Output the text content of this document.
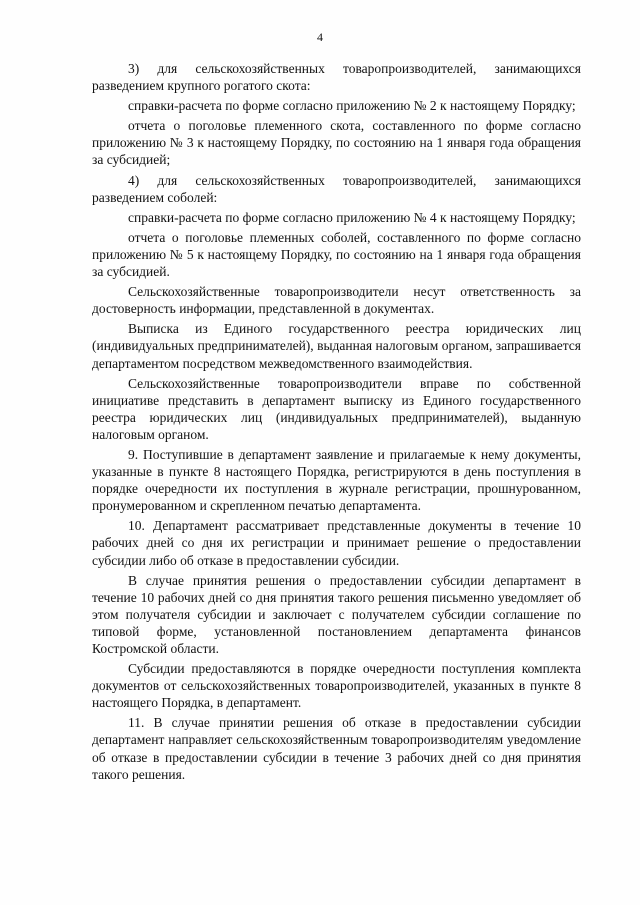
4

3) для сельскохозяйственных товаропроизводителей, занимающихся разведением крупного рогатого скота:

справки-расчета по форме согласно приложению № 2 к настоящему Порядку;

отчета о поголовье племенного скота, составленного по форме согласно приложению № 3 к настоящему Порядку, по состоянию на 1 января года обращения за субсидией;

4) для сельскохозяйственных товаропроизводителей, занимающихся разведением соболей:

справки-расчета по форме согласно приложению № 4 к настоящему Порядку;

отчета о поголовье племенных соболей, составленного по форме согласно приложению № 5 к настоящему Порядку, по состоянию на 1 января года обращения за субсидией.

Сельскохозяйственные товаропроизводители несут ответственность за достоверность информации, представленной в документах.

Выписка из Единого государственного реестра юридических лиц (индивидуальных предпринимателей), выданная налоговым органом, запрашивается департаментом посредством межведомственного взаимодействия.

Сельскохозяйственные товаропроизводители вправе по собственной инициативе представить в департамент выписку из Единого государственного реестра юридических лиц (индивидуальных предпринимателей), выданную налоговым органом.

9. Поступившие в департамент заявление и прилагаемые к нему документы, указанные в пункте 8 настоящего Порядка, регистрируются в день поступления в порядке очередности их поступления в журнале регистрации, прошнурованном, пронумерованном и скрепленном печатью департамента.

10. Департамент рассматривает представленные документы в течение 10 рабочих дней со дня их регистрации и принимает решение о предоставлении субсидии либо об отказе в предоставлении субсидии.

В случае принятия решения о предоставлении субсидии департамент в течение 10 рабочих дней со дня принятия такого решения письменно уведомляет об этом получателя субсидии и заключает с получателем субсидии соглашение по типовой форме, установленной постановлением департамента финансов Костромской области.

Субсидии предоставляются в порядке очередности поступления комплекта документов от сельскохозяйственных товаропроизводителей, указанных в пункте 8 настоящего Порядка, в департамент.

11. В случае принятии решения об отказе в предоставлении субсидии департамент направляет сельскохозяйственным товаропроизводителям уведомление об отказе в предоставлении субсидии в течение 3 рабочих дней со дня принятия такого решения.
